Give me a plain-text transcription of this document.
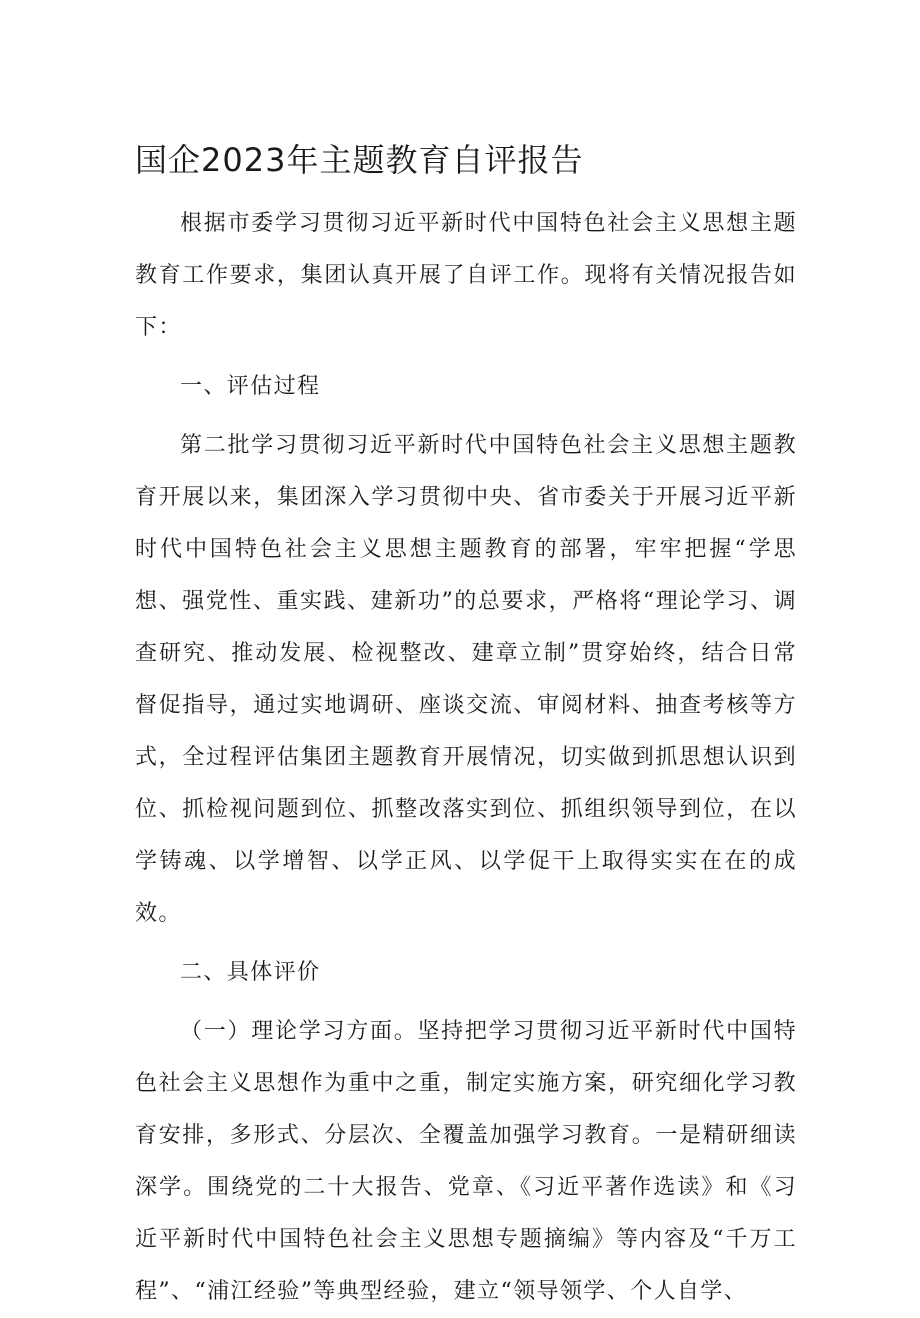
国企2023年主题教育自评报告

根据市委学习贯彻习近平新时代中国特色社会主义思想主题教育工作要求，集团认真开展了自评工作。现将有关情况报告如下：

一、评估过程

第二批学习贯彻习近平新时代中国特色社会主义思想主题教育开展以来，集团深入学习贯彻中央、省市委关于开展习近平新时代中国特色社会主义思想主题教育的部署，牢牢把握“学思想、强党性、重实践、建新功”的总要求，严格将“理论学习、调查研究、推动发展、检视整改、建章立制”贯穿始终，结合日常督促指导，通过实地调研、座谈交流、审阅材料、抽查考核等方式，全过程评估集团主题教育开展情况，切实做到抓思想认识到位、抓检视问题到位、抓整改落实到位、抓组织领导到位，在以学铸魂、以学增智、以学正风、以学促干上取得实实在在的成效。

二、具体评价

（一）理论学习方面。坚持把学习贯彻习近平新时代中国特色社会主义思想作为重中之重，制定实施方案，研究细化学习教育安排，多形式、分层次、全覆盖加强学习教育。一是精研细读深学。围绕党的二十大报告、党章、《习近平著作选读》和《习近平新时代中国特色社会主义思想专题摘编》等内容及“千万工程”、“浦江经验”等典型经验，建立“领导领学、个人自学、
